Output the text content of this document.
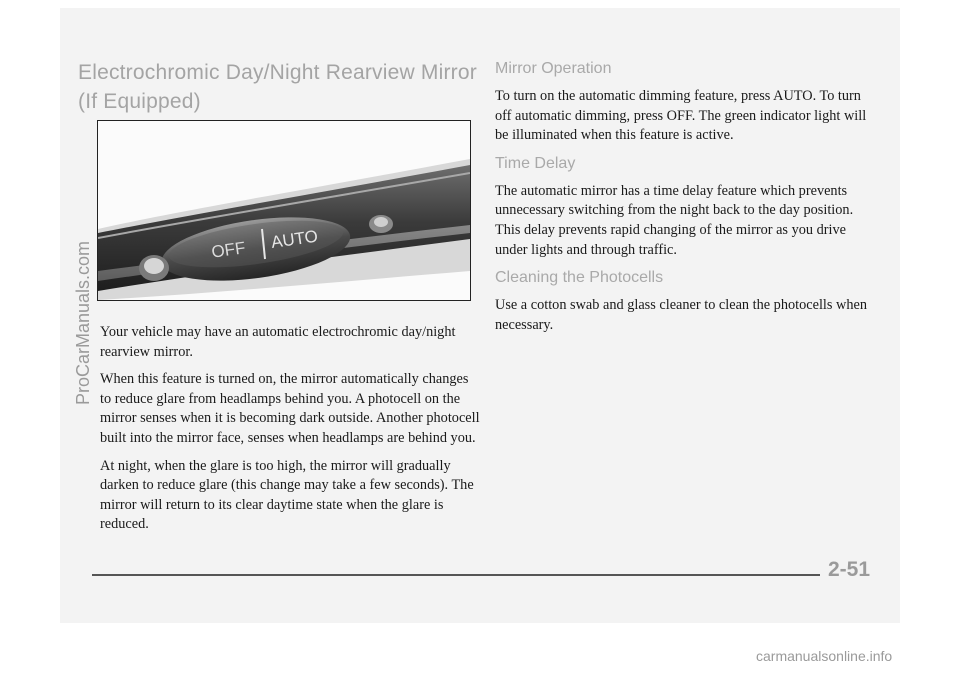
Electrochromic Day/Night Rearview Mirror
(If Equipped)
OFF AUTO

Your vehicle may have an automatic electrochromic day/night rearview mirror.

When this feature is turned on, the mirror automatically changes to reduce glare from headlamps behind you. A photocell on the mirror senses when it is becoming dark outside. Another photocell built into the mirror face, senses when headlamps are behind you.

At night, when the glare is too high, the mirror will gradually darken to reduce glare (this change may take a few seconds). The mirror will return to its clear daytime state when the glare is reduced.

Mirror Operation

To turn on the automatic dimming feature, press AUTO. To turn off automatic dimming, press OFF. The green indicator light will be illuminated when this feature is active.

Time Delay

The automatic mirror has a time delay feature which prevents unnecessary switching from the night back to the day position. This delay prevents rapid changing of the mirror as you drive under lights and through traffic.

Cleaning the Photocells

Use a cotton swab and glass cleaner to clean the photocells when necessary.

2-51
ProCarManuals.com
carmanualsonline.info
